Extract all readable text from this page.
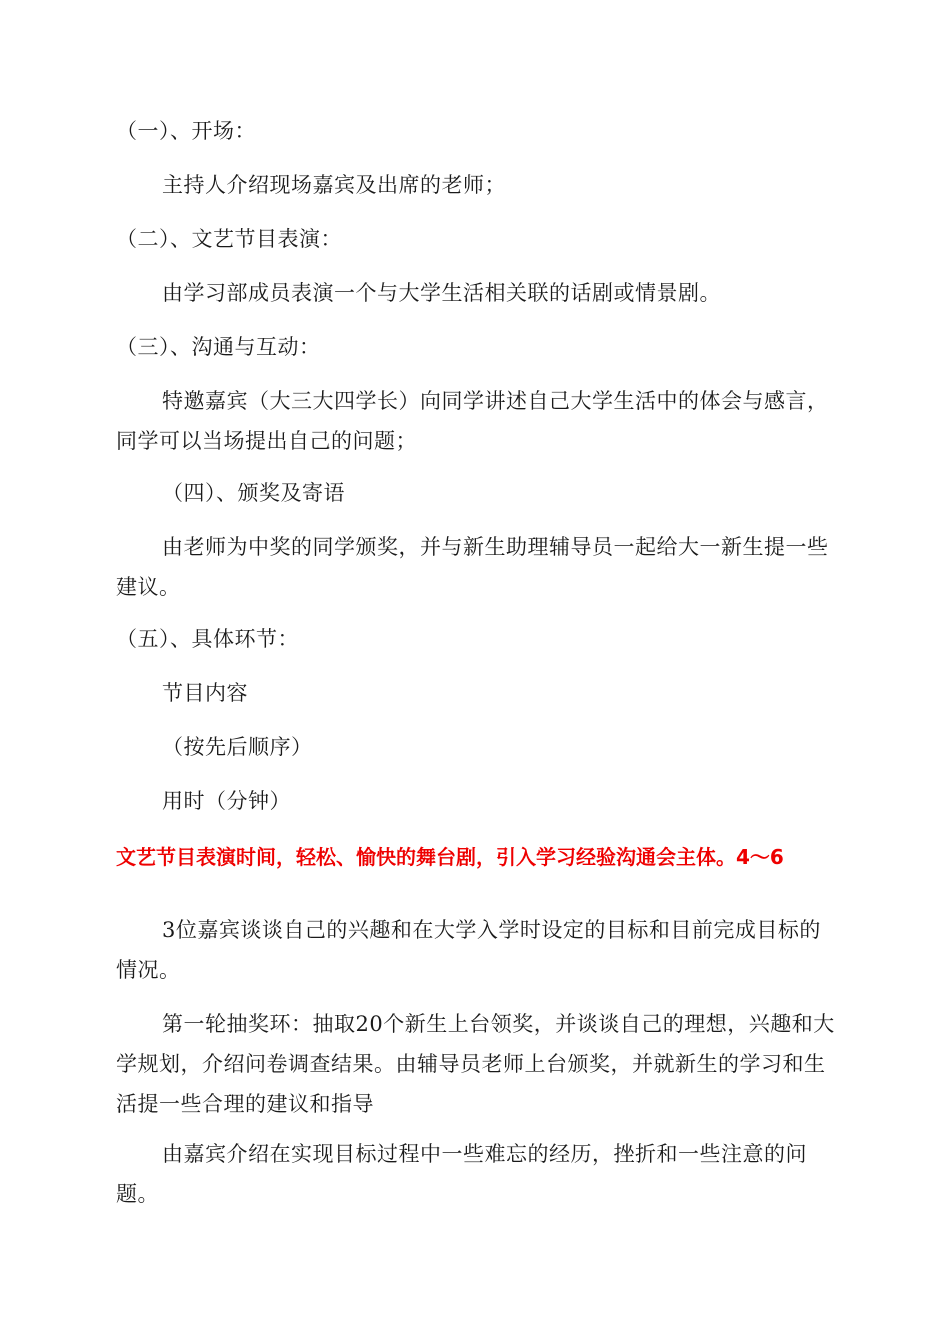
（一）、开场：
主持人介绍现场嘉宾及出席的老师；
（二）、文艺节目表演：
由学习部成员表演一个与大学生活相关联的话剧或情景剧。
（三）、沟通与互动：
特邀嘉宾（大三大四学长）向同学讲述自己大学生活中的体会与感言，同学可以当场提出自己的问题；
（四）、颁奖及寄语
由老师为中奖的同学颁奖，并与新生助理辅导员一起给大一新生提一些建议。
（五）、具体环节：
节目内容
（按先后顺序）
用时（分钟）
文艺节目表演时间，轻松、愉快的舞台剧，引入学习经验沟通会主体。4～6
3位嘉宾谈谈自己的兴趣和在大学入学时设定的目标和目前完成目标的情况。
第一轮抽奖环：抽取20个新生上台领奖，并谈谈自己的理想，兴趣和大学规划，介绍问卷调查结果。由辅导员老师上台颁奖，并就新生的学习和生活提一些合理的建议和指导
由嘉宾介绍在实现目标过程中一些难忘的经历，挫折和一些注意的问题。
